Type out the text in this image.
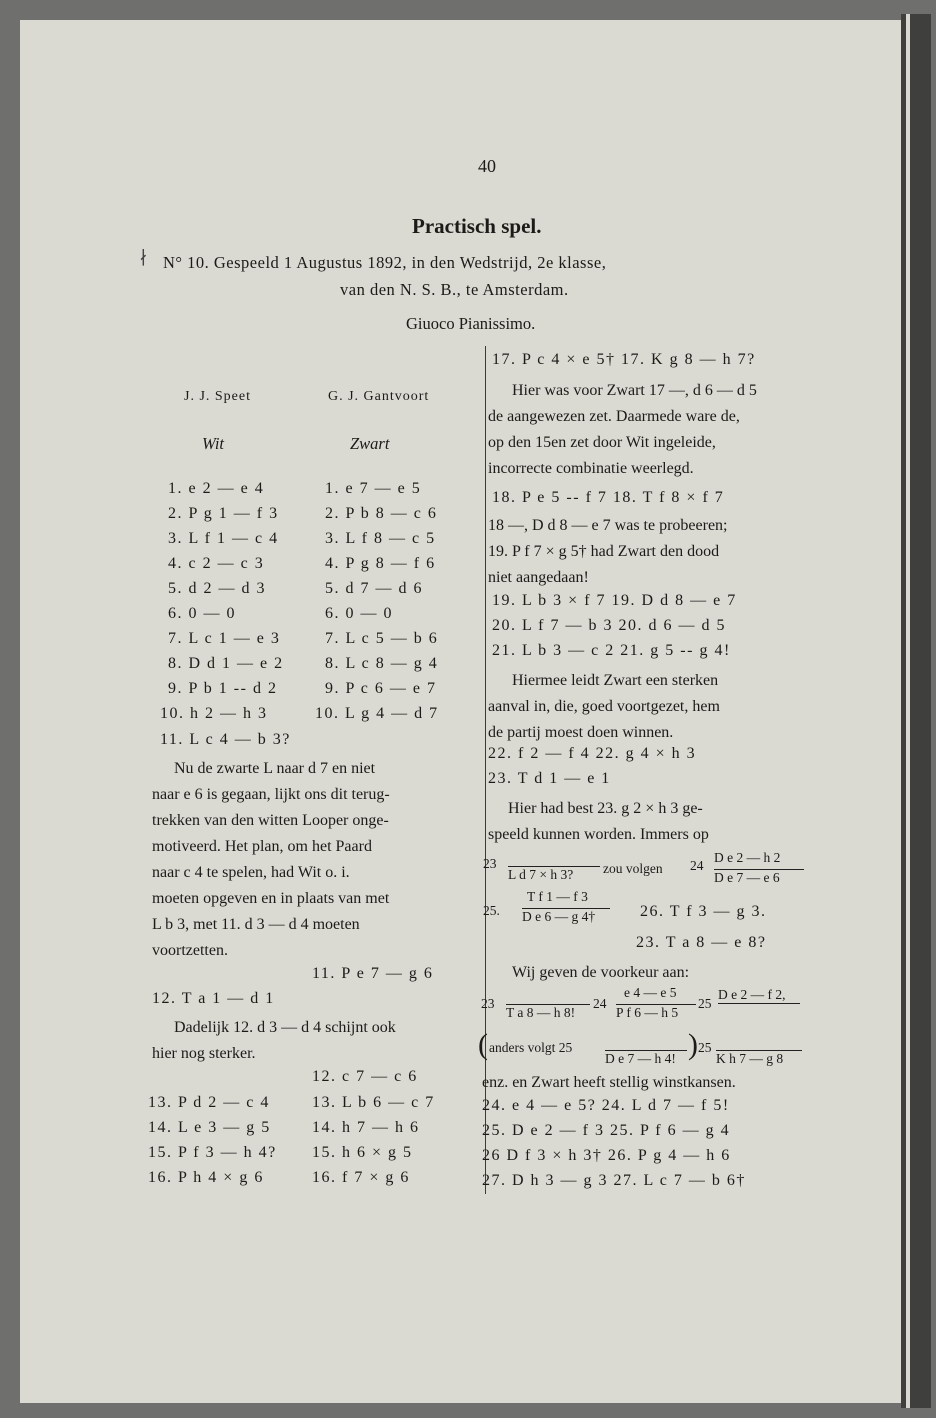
40
Practisch spel.
∤ N° 10. Gespeeld 1 Augustus 1892, in den Wedstrijd, 2e klasse,
van den N. S. B., te Amsterdam.
Giuoco Pianissimo.
J. J. Speet	G. J. Gantvoort
Wit	Zwart
1. e 2 — e 4	1. e 7 — e 5
2. P g 1 — f 3	2. P b 8 — c 6
3. L f 1 — c 4	3. L f 8 — c 5
4. c 2 — c 3	4. P g 8 — f 6
5. d 2 — d 3	5. d 7 — d 6
6. 0 — 0	6. 0 — 0
7. L c 1 — e 3	7. L c 5 — b 6
8. D d 1 — e 2	8. L c 8 — g 4
9. P b 1 -- d 2	9. P c 6 — e 7
10. h 2 — h 3	10. L g 4 — d 7
11. L c 4 — b 3?
Nu de zwarte L naar d 7 en niet
naar e 6 is gegaan, lijkt ons dit terug-
trekken van den witten Looper onge-
motiveerd. Het plan, om het Paard
naar c 4 te spelen, had Wit o. i.
moeten opgeven en in plaats van met
L b 3, met 11. d 3 — d 4 moeten
voortzetten.
11. P e 7 — g 6
12. T a 1 — d 1
Dadelijk 12. d 3 — d 4 schijnt ook
hier nog sterker.
12. c 7 — c 6
13. P d 2 — c 4	13. L b 6 — c 7
14. L e 3 — g 5	14. h 7 — h 6
15. P f 3 — h 4? 15. h 6 × g 5
16. P h 4 × g 6	16. f 7 × g 6
17. P c 4 × e 5† 17. K g 8 — h 7?
Hier was voor Zwart 17 —, d 6 — d 5
de aangewezen zet. Daarmede ware de,
op den 15en zet door Wit ingeleide,
incorrecte combinatie weerlegd.
18. P e 5 -- f 7 18. T f 8 × f 7
18 —, D d 8 — e 7 was te probeeren;
19. P f 7 × g 5† had Zwart den dood
niet aangedaan!
19. L b 3 × f 7 19. D d 8 — e 7
20. L f 7 — b 3 20. d 6 — d 5
21. L b 3 — c 2 21. g 5 -- g 4!
Hiermee leidt Zwart een sterken
aanval in, die, goed voortgezet, hem
de partij moest doen winnen.
22. f 2 — f 4 22. g 4 × h 3
23. T d 1 — e 1
Hier had best 23. g 2 × h 3 ge-
speeld kunnen worden. Immers op
23
L d 7 × h 3?	zou volgen 24
D e 2 — h 2
D e 7 — e 6
25.
T f 1 — f 3
D e 6 — g 4†	26. T f 3 — g 3.
23. T a 8 — e 8?
Wij geven de voorkeur aan:
23
T a 8 — h 8!
24
e 4 — e 5
P f 6 — h 5
25
D e 2 — f 2,
( anders volgt 25
D e 7 — h 4! ) 25
K h 7 — g 8
enz. en Zwart heeft stellig winstkansen.
24. e 4 — e 5? 24. L d 7 — f 5!
25. D e 2 — f 3 25. P f 6 — g 4
26 D f 3 × h 3† 26. P g 4 — h 6
27. D h 3 — g 3 27. L c 7 — b 6†
